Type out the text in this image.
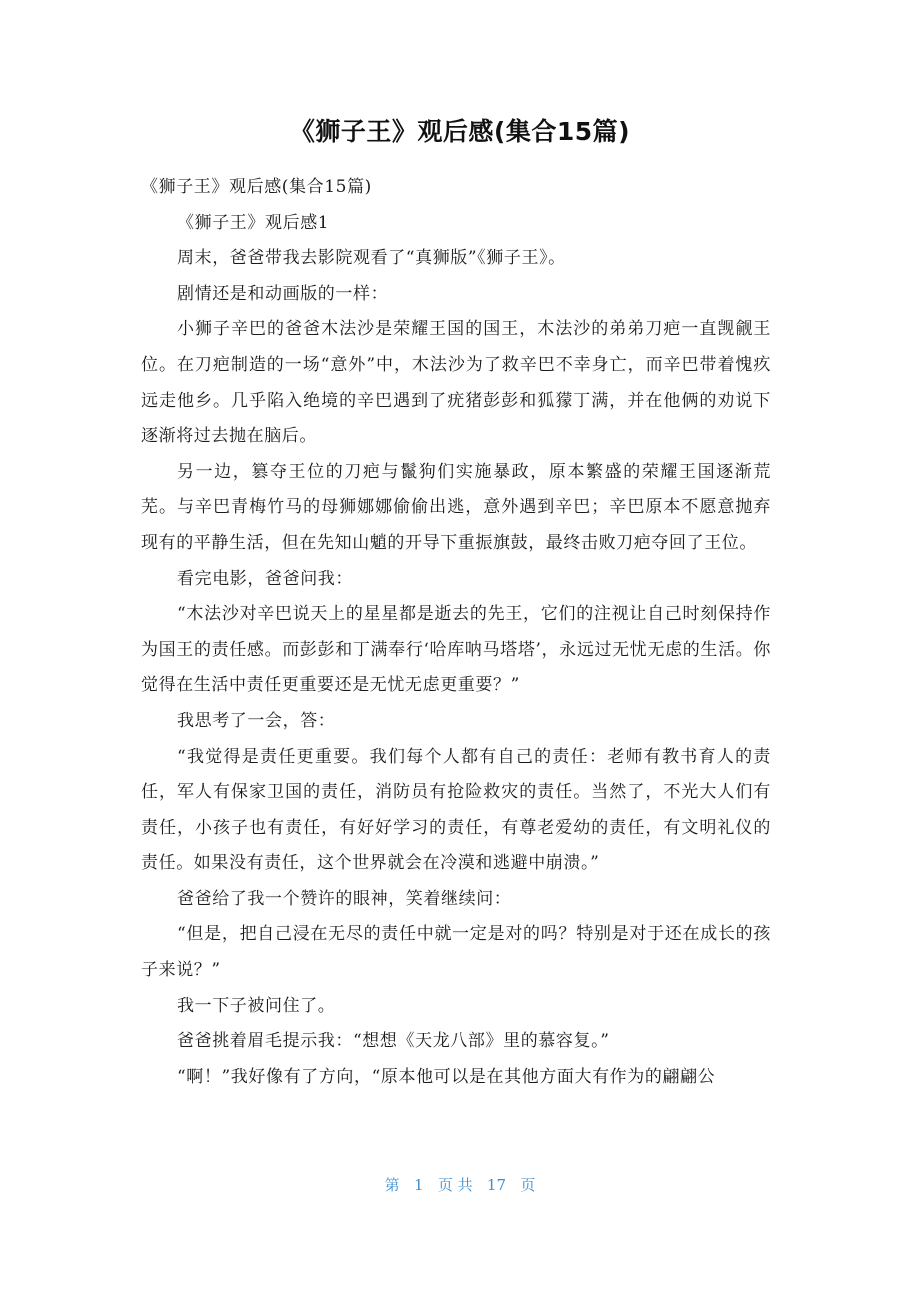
《狮子王》观后感(集合15篇)

《狮子王》观后感(集合15篇)

《狮子王》观后感1

周末，爸爸带我去影院观看了“真狮版”《狮子王》。

剧情还是和动画版的一样：

小狮子辛巴的爸爸木法沙是荣耀王国的国王，木法沙的弟弟刀疤一直觊觎王位。在刀疤制造的一场“意外”中，木法沙为了救辛巴不幸身亡，而辛巴带着愧疚远走他乡。几乎陷入绝境的辛巴遇到了疣猪彭彭和狐獴丁满，并在他俩的劝说下逐渐将过去抛在脑后。

另一边，篡夺王位的刀疤与鬣狗们实施暴政，原本繁盛的荣耀王国逐渐荒芜。与辛巴青梅竹马的母狮娜娜偷偷出逃，意外遇到辛巴；辛巴原本不愿意抛弃现有的平静生活，但在先知山魈的开导下重振旗鼓，最终击败刀疤夺回了王位。

看完电影，爸爸问我：

“木法沙对辛巴说天上的星星都是逝去的先王，它们的注视让自己时刻保持作为国王的责任感。而彭彭和丁满奉行‘哈库呐马塔塔’，永远过无忧无虑的生活。你觉得在生活中责任更重要还是无忧无虑更重要？”

我思考了一会，答：

“我觉得是责任更重要。我们每个人都有自己的责任：老师有教书育人的责任，军人有保家卫国的责任，消防员有抢险救灾的责任。当然了，不光大人们有责任，小孩子也有责任，有好好学习的责任，有尊老爱幼的责任，有文明礼仪的责任。如果没有责任，这个世界就会在冷漠和逃避中崩溃。”

爸爸给了我一个赞许的眼神，笑着继续问：

“但是，把自己浸在无尽的责任中就一定是对的吗？特别是对于还在成长的孩子来说？”

我一下子被问住了。

爸爸挑着眉毛提示我：“想想《天龙八部》里的慕容复。”

“啊！”我好像有了方向，“原本他可以是在其他方面大有作为的翩翩公

第 1 页 共 17 页
